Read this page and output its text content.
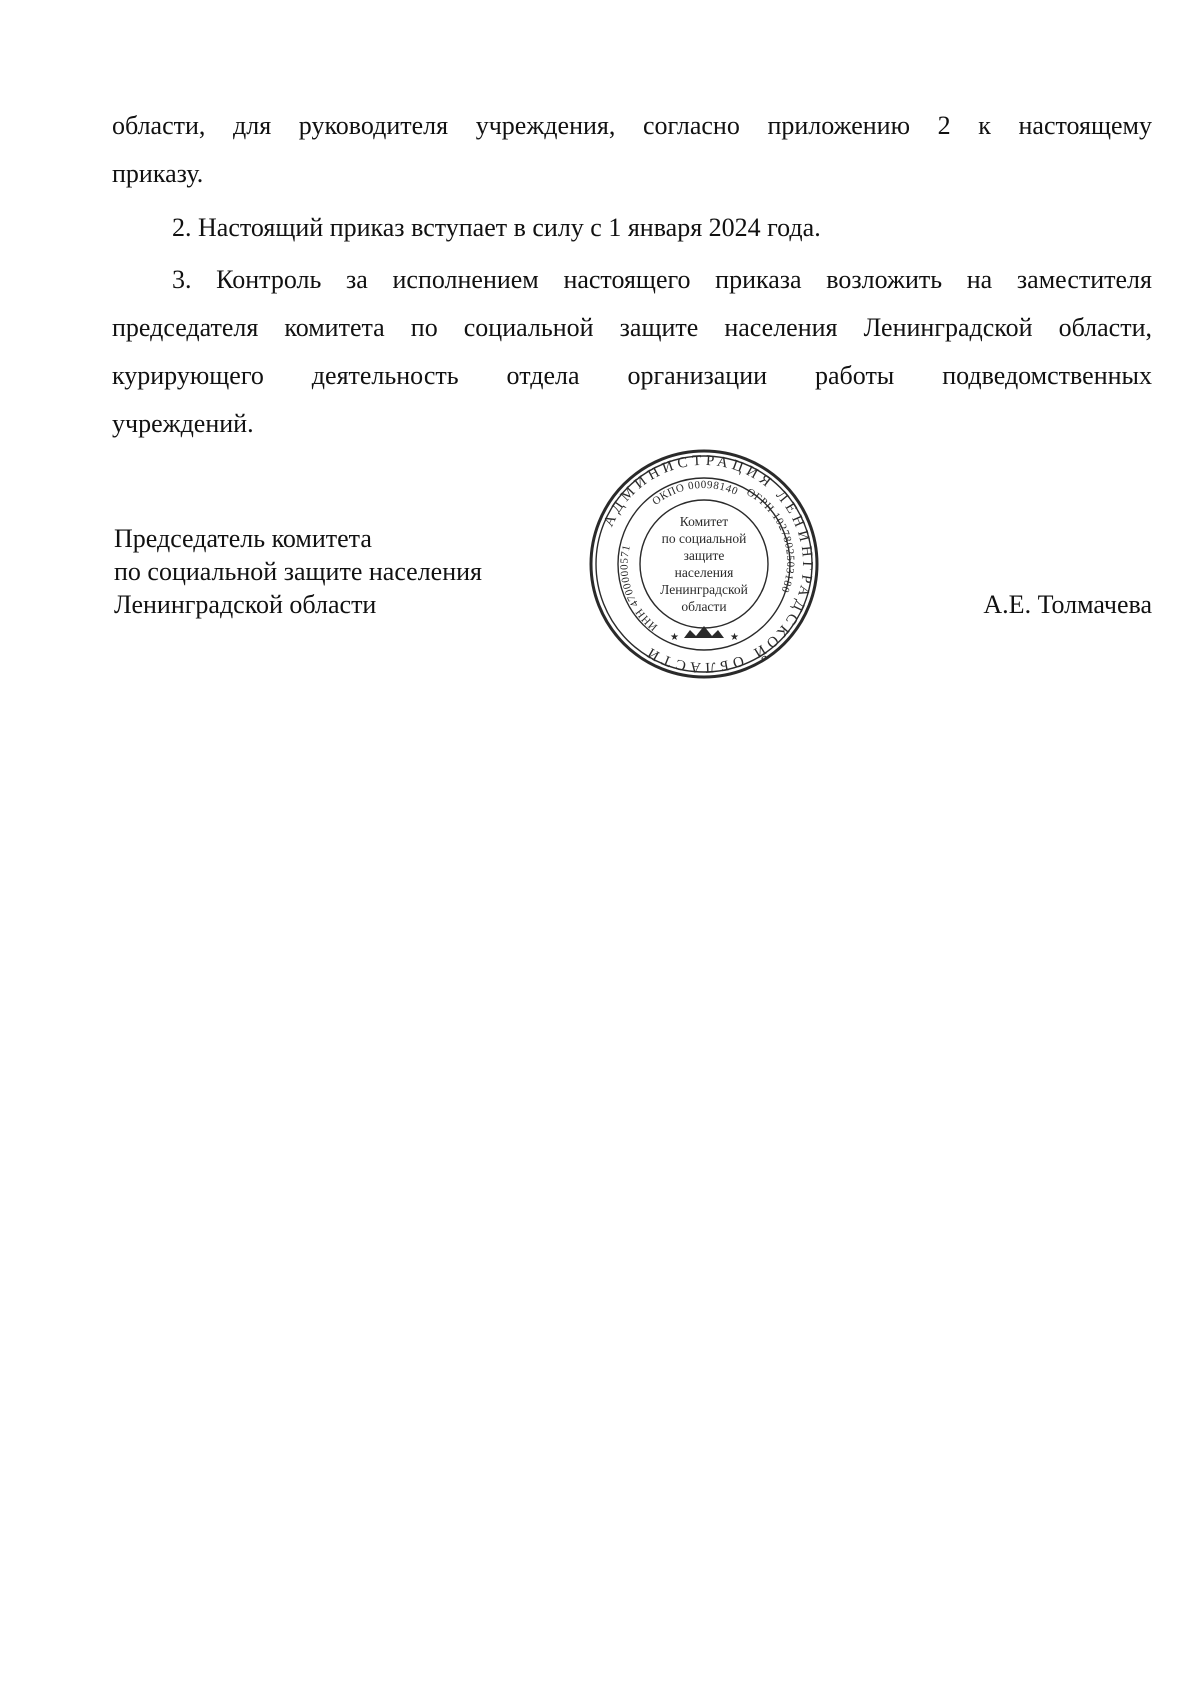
области, для руководителя учреждения, согласно приложению 2 к настоящему
приказу.
2. Настоящий приказ вступает в силу с 1 января 2024 года.
3. Контроль за исполнением настоящего приказа возложить на заместителя
председателя комитета по социальной защите населения Ленинградской области,
курирующего деятельность отдела организации работы подведомственных
учреждений.
Председатель комитета
по социальной защите населения
Ленинградской области	А.Е. Толмачева
АДМИНИСТРАЦИЯ ЛЕНИНГРАДСКОЙ ОБЛАСТИ
ОКПО 00098140 ОГРН 1027802503180
ИНН 4700000571
Комитет
по социальной
защите
населения
Ленинградской
области
★	★
